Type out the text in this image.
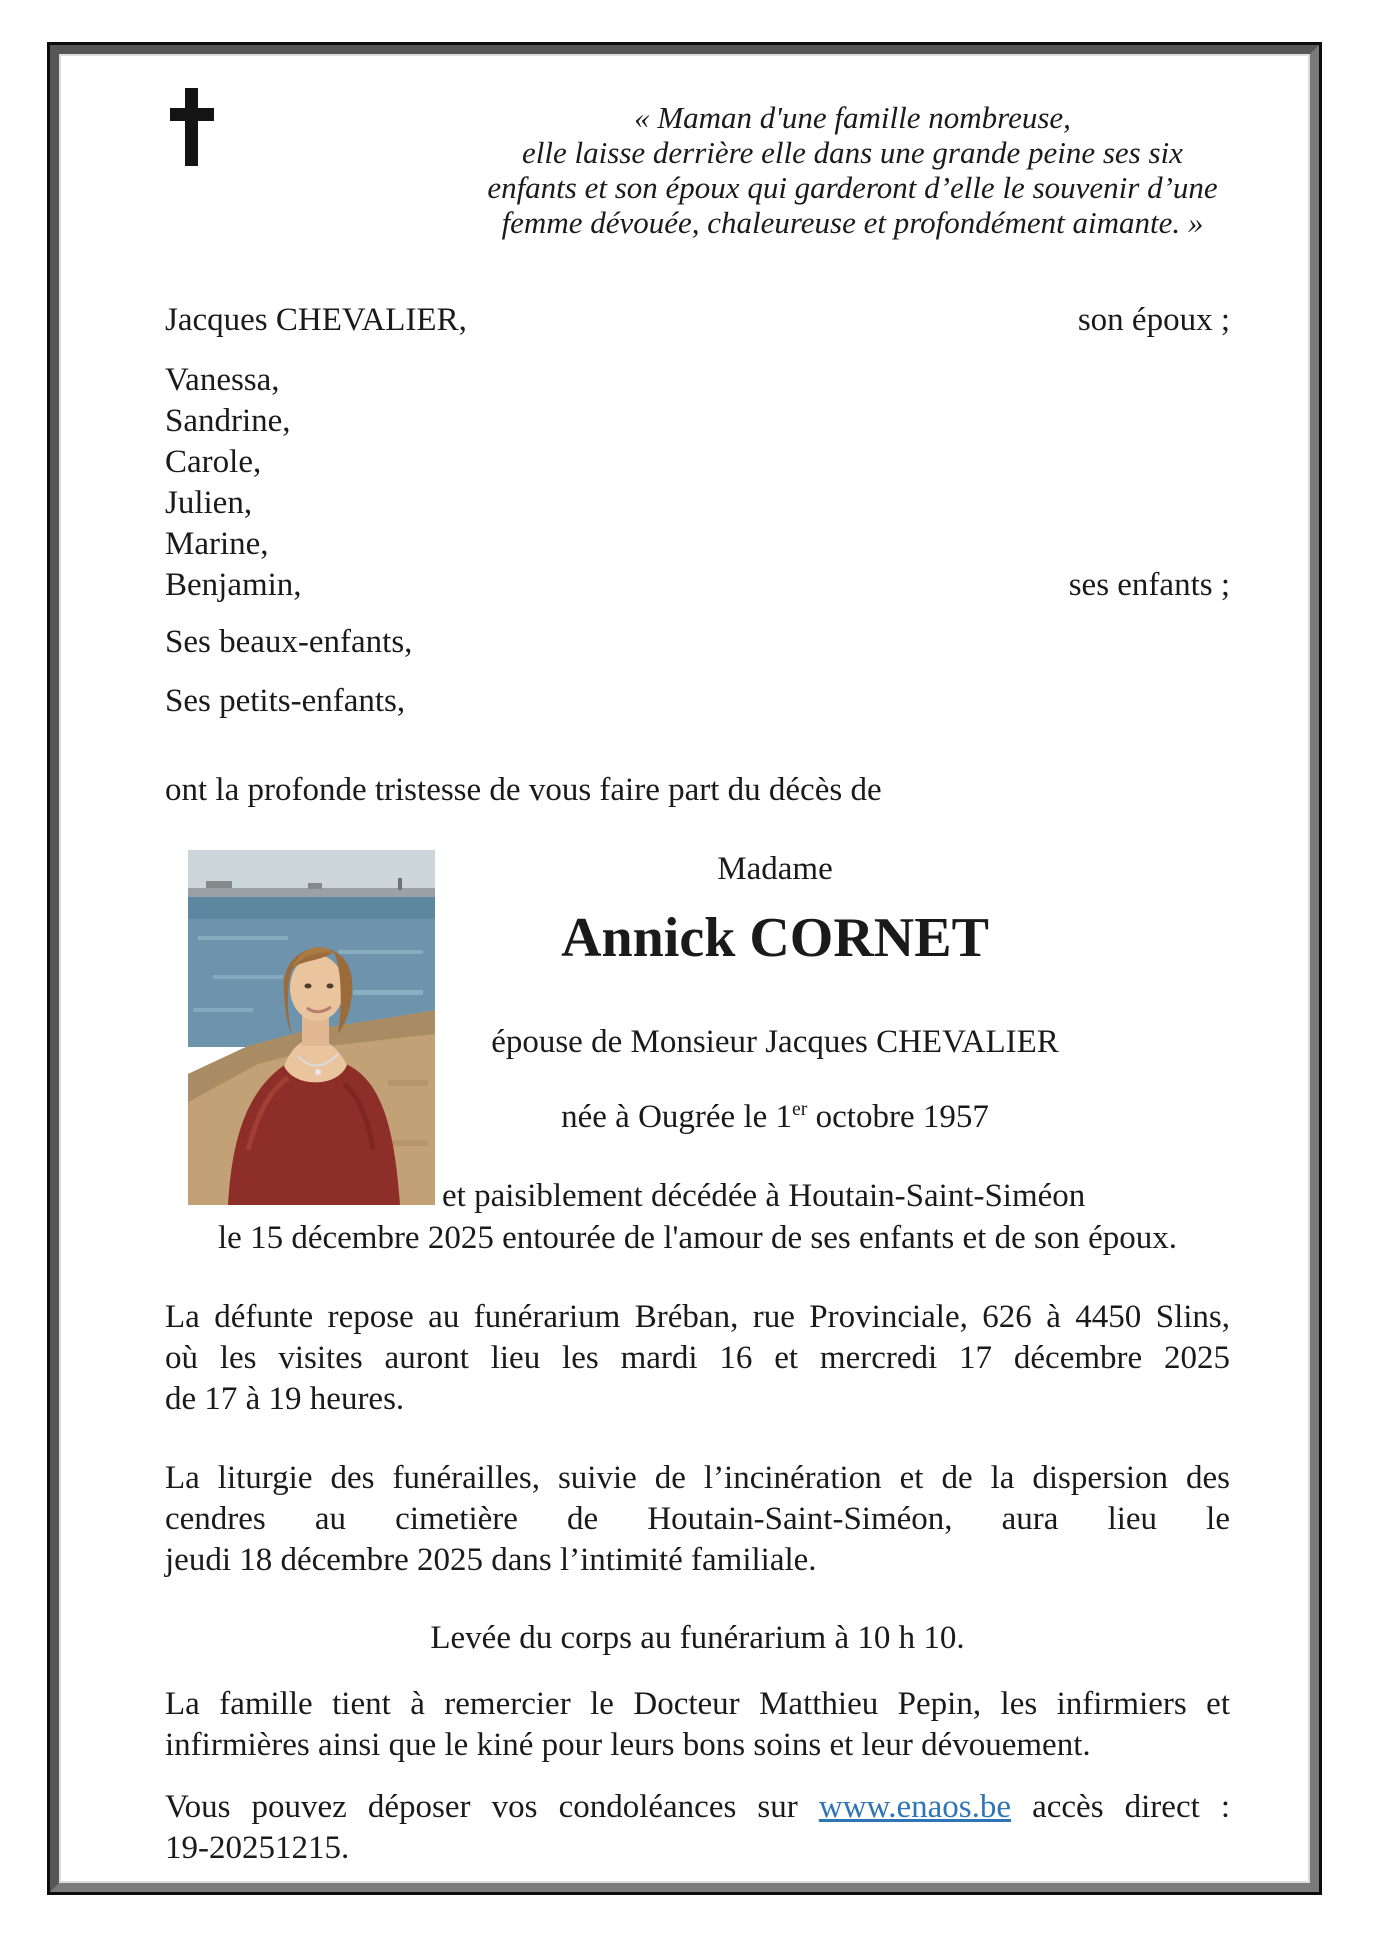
« Maman d'une famille nombreuse,
elle laisse derrière elle dans une grande peine ses six
enfants et son époux qui garderont d’elle le souvenir d’une
femme dévouée, chaleureuse et profondément aimante. »
Jacques CHEVALIER,	son époux ;
Vanessa,
Sandrine,
Carole,
Julien,
Marine,
Benjamin,	ses enfants ;
Ses beaux-enfants,
Ses petits-enfants,
ont la profonde tristesse de vous faire part du décès de
Madame
Annick CORNET
épouse de Monsieur Jacques CHEVALIER
née à Ougrée le 1er octobre 1957
et paisiblement décédée à Houtain-Saint-Siméon
le 15 décembre 2025 entourée de l'amour de ses enfants et de son époux.
La défunte repose au funérarium Bréban, rue Provinciale, 626 à 4450 Slins,
où les visites auront lieu les mardi 16 et mercredi 17 décembre 2025
de 17 à 19 heures.
La liturgie des funérailles, suivie de l’incinération et de la dispersion des
cendres au cimetière de Houtain-Saint-Siméon, aura lieu le
jeudi 18 décembre 2025 dans l’intimité familiale.
Levée du corps au funérarium à 10 h 10.
La famille tient à remercier le Docteur Matthieu Pepin, les infirmiers et
infirmières ainsi que le kiné pour leurs bons soins et leur dévouement.
Vous pouvez déposer vos condoléances sur www.enaos.be accès direct :
19-20251215.
